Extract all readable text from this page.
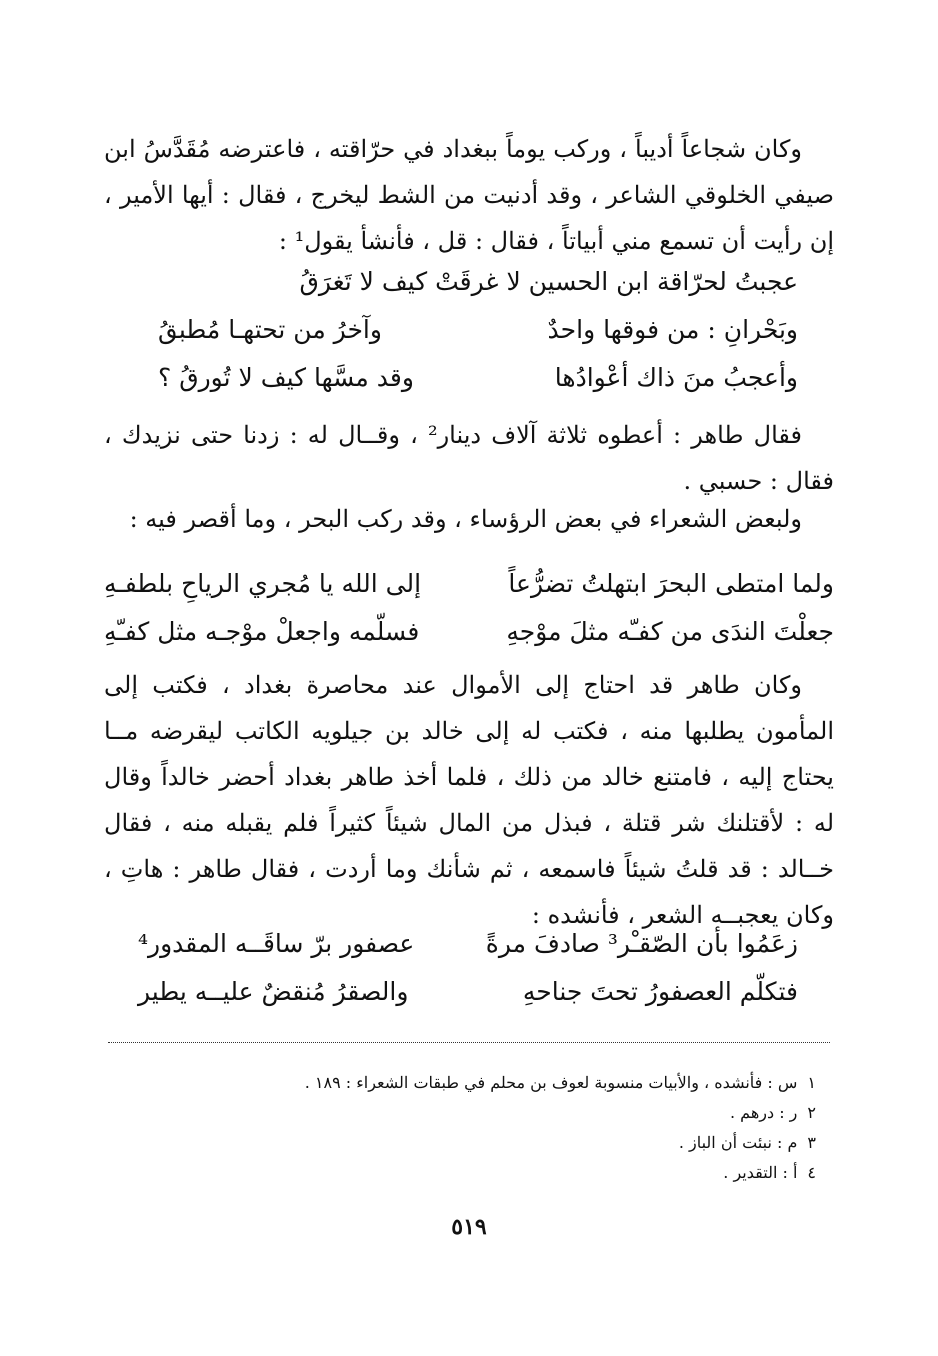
وكان شجاعاً أديباً ، وركب يوماً ببغداد في حرّاقته ، فاعترضه مُقَدَّسُ ابن صيفي الخلوقي الشاعر ، وقد أدنيت من الشط ليخرج ، فقال : أيها الأمير ، إن رأيت أن تسمع مني أبياتاً ، فقال : قل ، فأنشأ يقول¹ :
عجبتُ لحرّاقة ابن الحسين لا غرقَتْ كيف لا تَغرَقُ
وبَحْرانِ : من فوقها واحدٌ
وآخرُ من تحتهـا مُطبقُ
وأعجبُ منَ ذاك أعْوادُها
وقد مسَّها كيف لا تُورقُ ؟
فقال طاهر : أعطوه ثلاثة آلاف دينار² ، وقــال له : زدنا حتى نزيدك ، فقال : حسبي .
ولبعض الشعراء في بعض الرؤساء ، وقد ركب البحر ، وما أقصر فيه :
ولما امتطى البحرَ ابتهلتُ تضرُّعاً
إلى الله يا مُجري الرياحِ بلطفـهِ
جعلْتَ الندَى من كفـّه مثلَ موْجهِ
فسلّمه واجعلْ موْجـه مثل كفـّهِ
وكان طاهر قد احتاج إلى الأموال عند محاصرة بغداد ، فكتب إلى المأمون يطلبها منه ، فكتب له إلى خالد بن جيلويه الكاتب ليقرضه مــا يحتاج إليه ، فامتنع خالد من ذلك ، فلما أخذ طاهر بغداد أحضر خالداً وقال له : لأقتلنك شر قتلة ، فبذل من المال شيئاً كثيراً فلم يقبله منه ، فقال خــالد : قد قلتُ شيئاً فاسمعه ، ثم شأنك وما أردت ، فقال طاهر : هاتِ ، وكان يعجبــه الشعر ، فأنشده :
زعَمُوا بأن الصّقـْر³ صادفَ مرةً
عصفور برّ ساقَــه المقدور⁴
فتكلّم العصفورُ تحتَ جناحهِ
والصقرُ مُنقضٌ عليــه يطير
١
س : فأنشده ، والأبيات منسوبة لعوف بن محلم في طبقات الشعراء : ١٨٩ .
٢
ر : درهم .
٣
م : نبئت أن الباز .
٤
أ : التقدير .
٥١٩
